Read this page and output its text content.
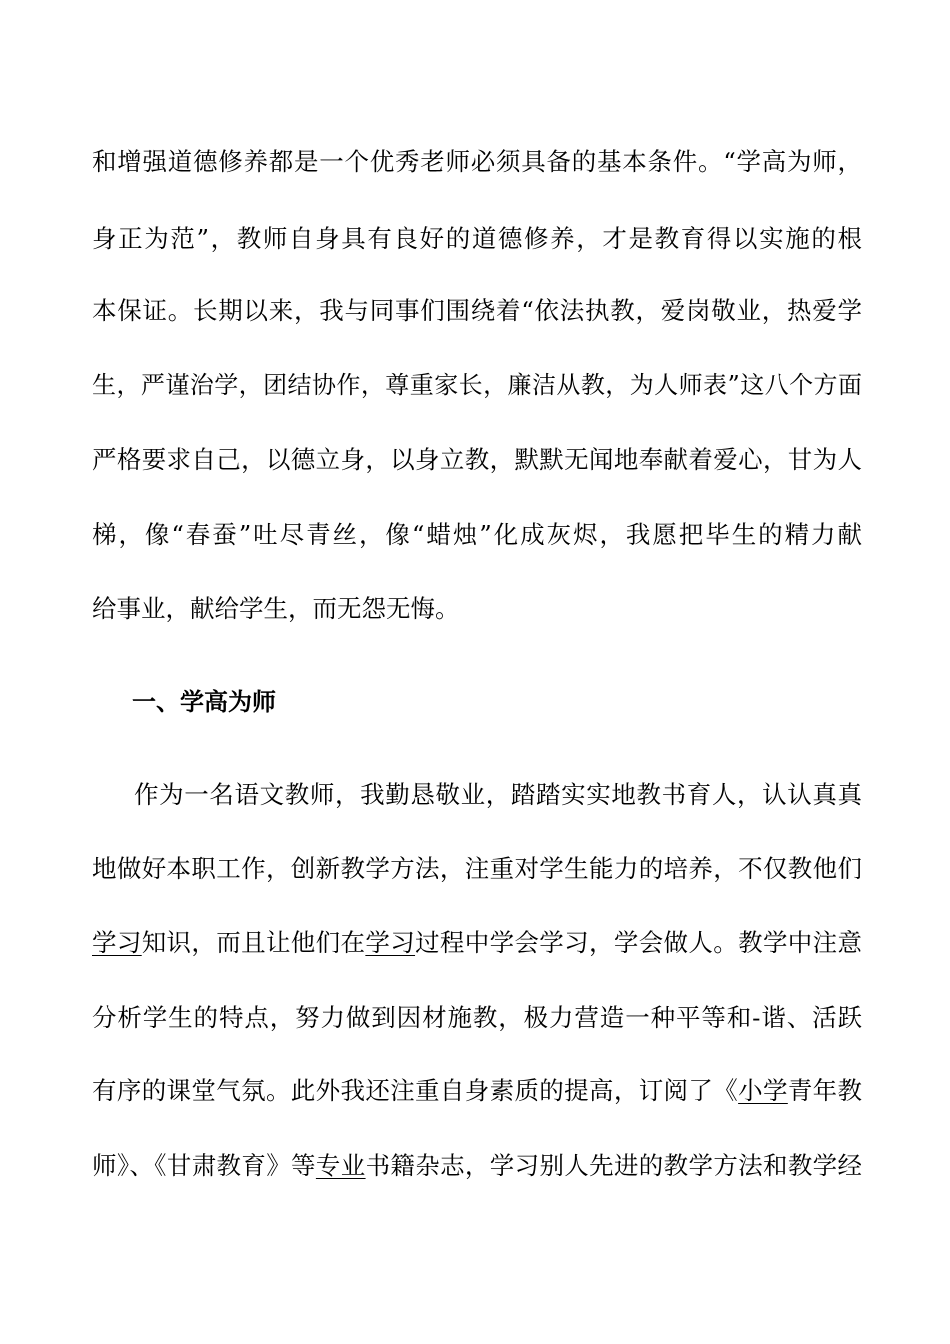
和增强道德修养都是一个优秀老师必须具备的基本条件。“学高为师，
身正为范”，教师自身具有良好的道德修养，才是教育得以实施的根
本保证。长期以来，我与同事们围绕着“依法执教，爱岗敬业，热爱学
生，严谨治学，团结协作，尊重家长，廉洁从教，为人师表”这八个方面
严格要求自己，以德立身，以身立教，默默无闻地奉献着爱心，甘为人
梯，像“春蚕”吐尽青丝，像“蜡烛”化成灰烬，我愿把毕生的精力献
给事业，献给学生，而无怨无悔。
一、学高为师
作为一名语文教师，我勤恳敬业，踏踏实实地教书育人，认认真真
地做好本职工作，创新教学方法，注重对学生能力的培养，不仅教他们
学习知识，而且让他们在学习过程中学会学习，学会做人。教学中注意
分析学生的特点，努力做到因材施教，极力营造一种平等和-谐、活跃
有序的课堂气氛。此外我还注重自身素质的提高，订阅了《小学青年教
师》、《甘肃教育》等专业书籍杂志，学习别人先进的教学方法和教学经
